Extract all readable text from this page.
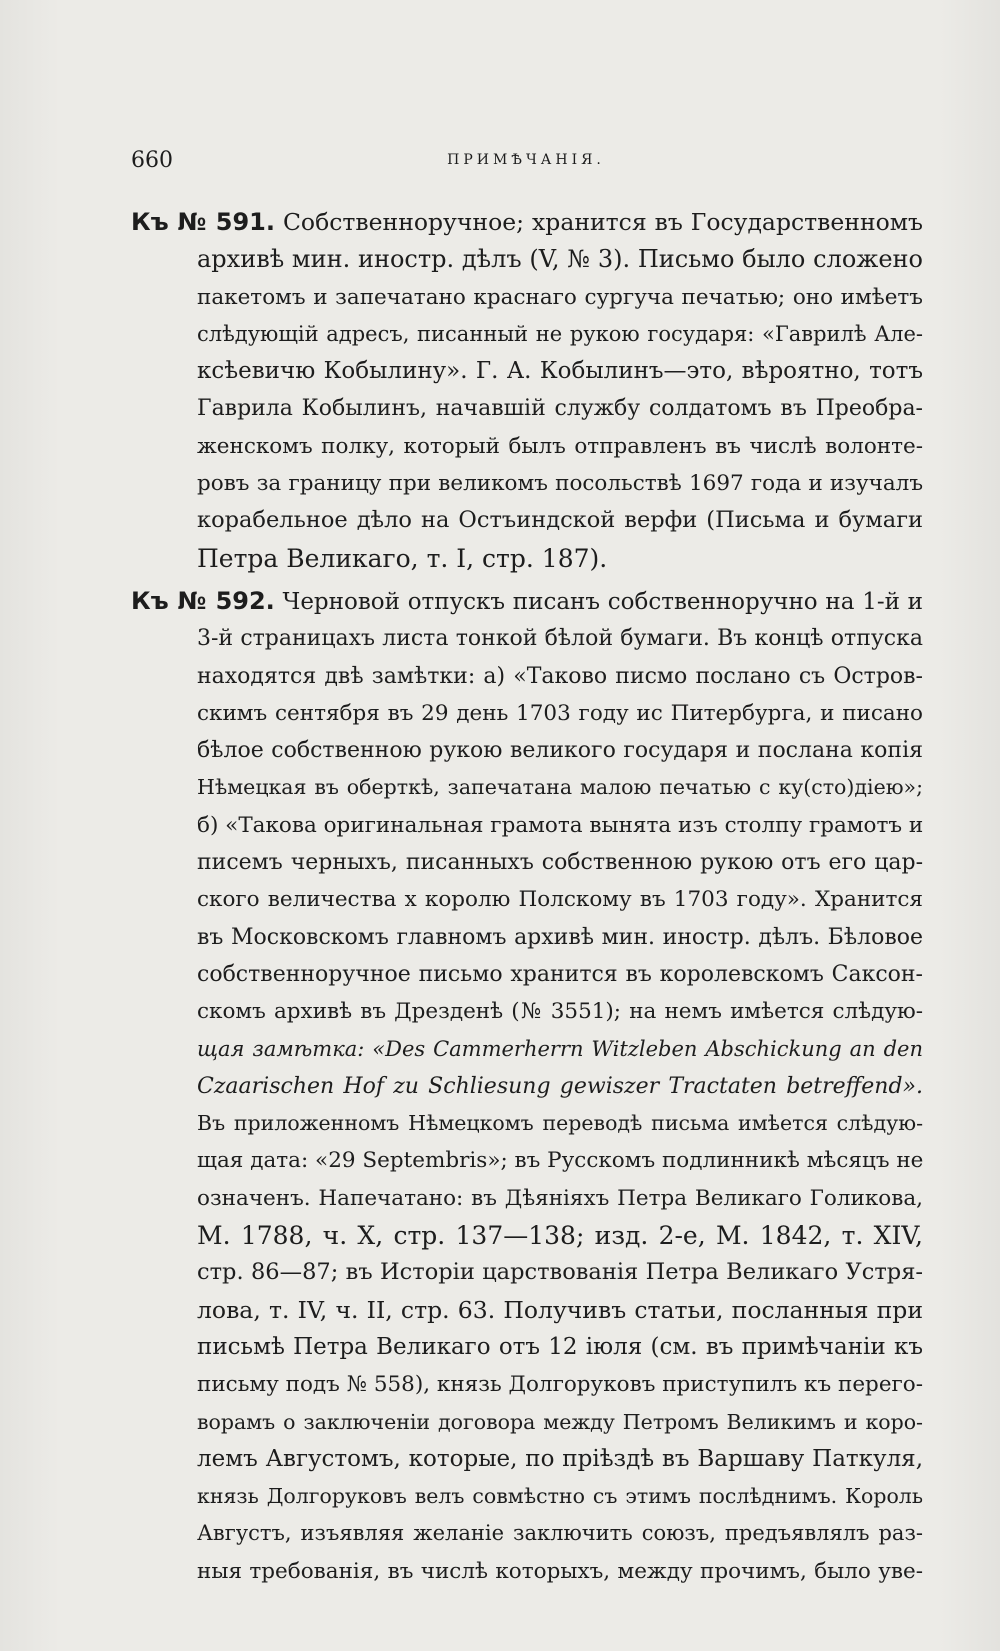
660	ПРИМѢЧАНІЯ.
Къ № 591. Собственноручное; хранится въ Государственномъ
архивѣ мин. иностр. дѣлъ (V, № 3). Письмо было сложено
пакетомъ и запечатано краснаго сургуча печатью; оно имѣетъ
слѣдующій адресъ, писанный не рукою государя: «Гаврилѣ Але-
ксѣевичю Кобылину». Г. А. Кобылинъ—это, вѣроятно, тотъ
Гаврила Кобылинъ, начавшій службу солдатомъ въ Преобра-
женскомъ полку, который былъ отправленъ въ числѣ волонте-
ровъ за границу при великомъ посольствѣ 1697 года и изучалъ
корабельное дѣло на Остъиндской верфи (Письма и бумаги
Петра Великаго, т. I, стр. 187).
Къ № 592. Черновой отпускъ писанъ собственноручно на 1-й и
3-й страницахъ листа тонкой бѣлой бумаги. Въ концѣ отпуска
находятся двѣ замѣтки: а) «Таково писмо послано съ Остров-
скимъ сентября въ 29 день 1703 году ис Питербурга, и писано
бѣлое собственною рукою великого государя и послана копія
Нѣмецкая въ оберткѣ, запечатана малою печатью с ку(сто)діею»;
б) «Такова оригинальная грамота вынята изъ столпу грамотъ и
писемъ черныхъ, писанныхъ собственною рукою отъ его цар-
ского величества х королю Полскому въ 1703 году». Хранится
въ Московскомъ главномъ архивѣ мин. иностр. дѣлъ. Бѣловое
собственноручное письмо хранится въ королевскомъ Саксон-
скомъ архивѣ въ Дрезденѣ (№ 3551); на немъ имѣется слѣдую-
щая замѣтка: «Des Cammerherrn Witzleben Abschickung an den
Czaarischen Hof zu Schliesung gewiszer Tractaten betreffend».
Въ приложенномъ Нѣмецкомъ переводѣ письма имѣется слѣдую-
щая дата: «29 Septembris»; въ Русскомъ подлинникѣ мѣсяцъ не
означенъ. Напечатано: въ Дѣяніяхъ Петра Великаго Голикова,
М. 1788, ч. X, стр. 137—138; изд. 2-е, М. 1842, т. XIV,
стр. 86—87; въ Исторіи царствованія Петра Великаго Устря-
лова, т. IV, ч. II, стр. 63. Получивъ статьи, посланныя при
письмѣ Петра Великаго отъ 12 іюля (см. въ примѣчаніи къ
письму подъ № 558), князь Долгоруковъ приступилъ къ перего-
ворамъ о заключеніи договора между Петромъ Великимъ и коро-
лемъ Августомъ, которые, по пріѣздѣ въ Варшаву Паткуля,
князь Долгоруковъ велъ совмѣстно съ этимъ послѣднимъ. Король
Августъ, изъявляя желаніе заключить союзъ, предъявлялъ раз-
ныя требованія, въ числѣ которыхъ, между прочимъ, было уве-
